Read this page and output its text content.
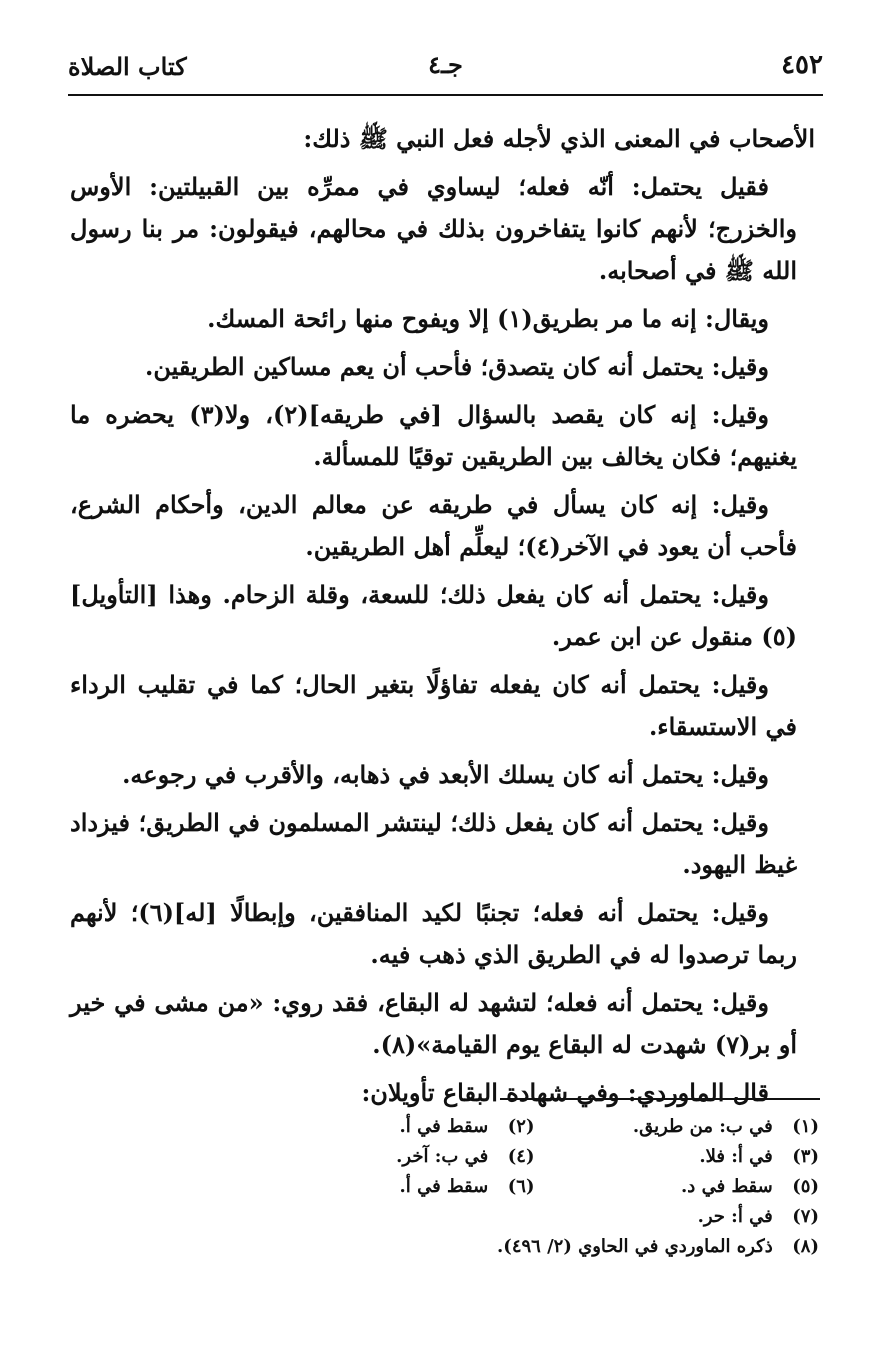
٤٥٢
جـ٤
كتاب الصلاة

الأصحاب في المعنى الذي لأجله فعل النبي ﷺ ذلك:

فقيل يحتمل: أنّه فعله؛ ليساوي في ممرِّه بين القبيلتين: الأوس والخزرج؛ لأنهم كانوا يتفاخرون بذلك في محالهم، فيقولون: مر بنا رسول الله ﷺ في أصحابه.

ويقال: إنه ما مر بطريق(١) إلا ويفوح منها رائحة المسك.

وقيل: يحتمل أنه كان يتصدق؛ فأحب أن يعم مساكين الطريقين.

وقيل: إنه كان يقصد بالسؤال [في طريقه](٢)، ولا(٣) يحضره ما يغنيهم؛ فكان يخالف بين الطريقين توقيًا للمسألة.

وقيل: إنه كان يسأل في طريقه عن معالم الدين، وأحكام الشرع، فأحب أن يعود في الآخر(٤)؛ ليعلِّم أهل الطريقين.

وقيل: يحتمل أنه كان يفعل ذلك؛ للسعة، وقلة الزحام. وهذا [التأويل](٥) منقول عن ابن عمر.

وقيل: يحتمل أنه كان يفعله تفاؤلًا بتغير الحال؛ كما في تقليب الرداء في الاستسقاء.

وقيل: يحتمل أنه كان يسلك الأبعد في ذهابه، والأقرب في رجوعه.

وقيل: يحتمل أنه كان يفعل ذلك؛ لينتشر المسلمون في الطريق؛ فيزداد غيظ اليهود.

وقيل: يحتمل أنه فعله؛ تجنبًا لكيد المنافقين، وإبطالًا [له](٦)؛ لأنهم ربما ترصدوا له في الطريق الذي ذهب فيه.

وقيل: يحتمل أنه فعله؛ لتشهد له البقاع، فقد روي: «من مشى في خير أو بر(٧) شهدت له البقاع يوم القيامة»(٨).

قال الماوردي: وفي شهادة البقاع تأويلان:

(١) في ب: من طريق.
(٢) سقط في أ.
(٣) في أ: فلا.
(٤) في ب: آخر.
(٥) سقط في د.
(٦) سقط في أ.
(٧) في أ: حر.
(٨) ذكره الماوردي في الحاوي (٢/ ٤٩٦).
